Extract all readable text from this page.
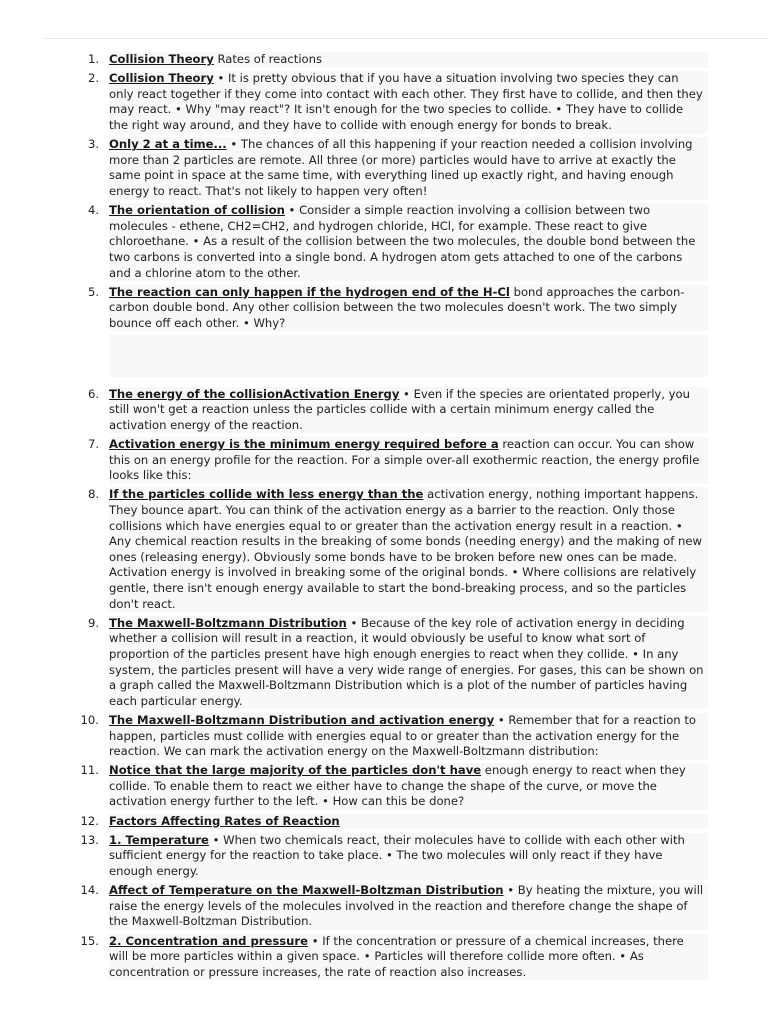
1. Collision Theory Rates of reactions
2. Collision Theory • It is pretty obvious that if you have a situation involving two species they can only react together if they come into contact with each other. They first have to collide, and then they may react. • Why "may react"? It isn't enough for the two species to collide. • They have to collide the right way around, and they have to collide with enough energy for bonds to break.
3. Only 2 at a time... • The chances of all this happening if your reaction needed a collision involving more than 2 particles are remote. All three (or more) particles would have to arrive at exactly the same point in space at the same time, with everything lined up exactly right, and having enough energy to react. That's not likely to happen very often!
4. The orientation of collision • Consider a simple reaction involving a collision between two molecules - ethene, CH2=CH2, and hydrogen chloride, HCl, for example. These react to give chloroethane. • As a result of the collision between the two molecules, the double bond between the two carbons is converted into a single bond. A hydrogen atom gets attached to one of the carbons and a chlorine atom to the other.
5. The reaction can only happen if the hydrogen end of the H-Cl bond approaches the carbon-carbon double bond. Any other collision between the two molecules doesn't work. The two simply bounce off each other. • Why?
6. The energy of the collisionActivation Energy • Even if the species are orientated properly, you still won't get a reaction unless the particles collide with a certain minimum energy called the activation energy of the reaction.
7. Activation energy is the minimum energy required before a reaction can occur. You can show this on an energy profile for the reaction. For a simple over-all exothermic reaction, the energy profile looks like this:
8. If the particles collide with less energy than the activation energy, nothing important happens. They bounce apart. You can think of the activation energy as a barrier to the reaction. Only those collisions which have energies equal to or greater than the activation energy result in a reaction. • Any chemical reaction results in the breaking of some bonds (needing energy) and the making of new ones (releasing energy). Obviously some bonds have to be broken before new ones can be made. Activation energy is involved in breaking some of the original bonds. • Where collisions are relatively gentle, there isn't enough energy available to start the bond-breaking process, and so the particles don't react.
9. The Maxwell-Boltzmann Distribution • Because of the key role of activation energy in deciding whether a collision will result in a reaction, it would obviously be useful to know what sort of proportion of the particles present have high enough energies to react when they collide. • In any system, the particles present will have a very wide range of energies. For gases, this can be shown on a graph called the Maxwell-Boltzmann Distribution which is a plot of the number of particles having each particular energy.
10. The Maxwell-Boltzmann Distribution and activation energy • Remember that for a reaction to happen, particles must collide with energies equal to or greater than the activation energy for the reaction. We can mark the activation energy on the Maxwell-Boltzmann distribution:
11. Notice that the large majority of the particles don't have enough energy to react when they collide. To enable them to react we either have to change the shape of the curve, or move the activation energy further to the left. • How can this be done?
12. Factors Affecting Rates of Reaction
13. 1. Temperature • When two chemicals react, their molecules have to collide with each other with sufficient energy for the reaction to take place. • The two molecules will only react if they have enough energy.
14. Affect of Temperature on the Maxwell-Boltzman Distribution • By heating the mixture, you will raise the energy levels of the molecules involved in the reaction and therefore change the shape of the Maxwell-Boltzman Distribution.
15. 2. Concentration and pressure • If the concentration or pressure of a chemical increases, there will be more particles within a given space. • Particles will therefore collide more often. • As concentration or pressure increases, the rate of reaction also increases.
